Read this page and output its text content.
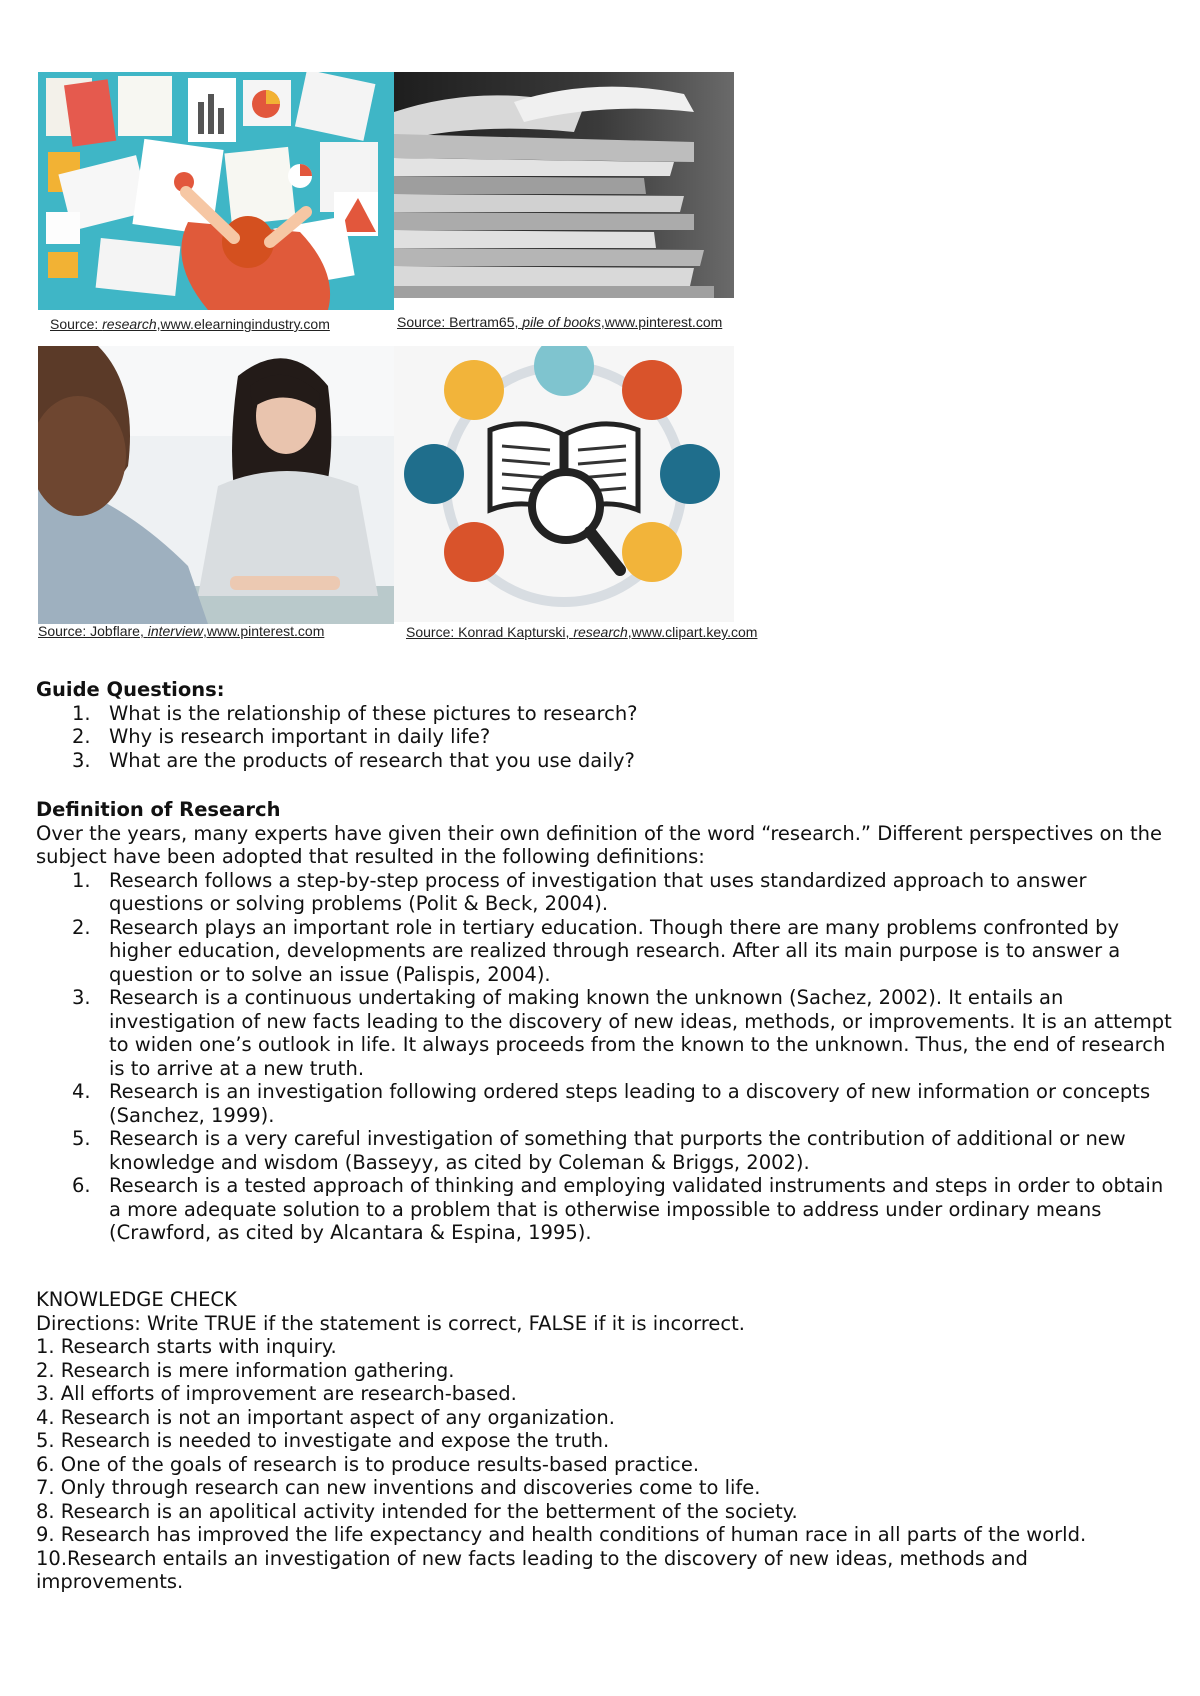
Source: research,www.elearningindustry.com	Source: Bertram65, pile of books,www.pinterest.com
Source: Jobflare, interview,www.pinterest.com	Source: Konrad Kapturski, research,www.clipart.key.com
Guide Questions:
What is the relationship of these pictures to research?
Why is research important in daily life?
What are the products of research that you use daily?
Definition of Research
Over the years, many experts have given their own definition of the word “research.” Different perspectives on the subject have been adopted that resulted in the following definitions:
Research follows a step-by-step process of investigation that uses standardized approach to answer questions or solving problems (Polit & Beck, 2004).
Research plays an important role in tertiary education. Though there are many problems confronted by higher education, developments are realized through research. After all its main purpose is to answer a question or to solve an issue (Palispis, 2004).
Research is a continuous undertaking of making known the unknown (Sachez, 2002). It entails an investigation of new facts leading to the discovery of new ideas, methods, or improvements. It is an attempt to widen one’s outlook in life. It always proceeds from the known to the unknown. Thus, the end of research is to arrive at a new truth.
Research is an investigation following ordered steps leading to a discovery of new information or concepts (Sanchez, 1999).
Research is a very careful investigation of something that purports the contribution of additional or new knowledge and wisdom (Basseyy, as cited by Coleman & Briggs, 2002).
Research is a tested approach of thinking and employing validated instruments and steps in order to obtain a more adequate solution to a problem that is otherwise impossible to address under ordinary means (Crawford, as cited by Alcantara & Espina, 1995).
KNOWLEDGE CHECK
Directions: Write TRUE if the statement is correct, FALSE if it is incorrect.
1. Research starts with inquiry.
2. Research is mere information gathering.
3. All efforts of improvement are research-based.
4. Research is not an important aspect of any organization.
5. Research is needed to investigate and expose the truth.
6. One of the goals of research is to produce results-based practice.
7. Only through research can new inventions and discoveries come to life.
8. Research is an apolitical activity intended for the betterment of the society.
9. Research has improved the life expectancy and health conditions of human race in all parts of the world.
10.Research entails an investigation of new facts leading to the discovery of new ideas, methods and improvements.
